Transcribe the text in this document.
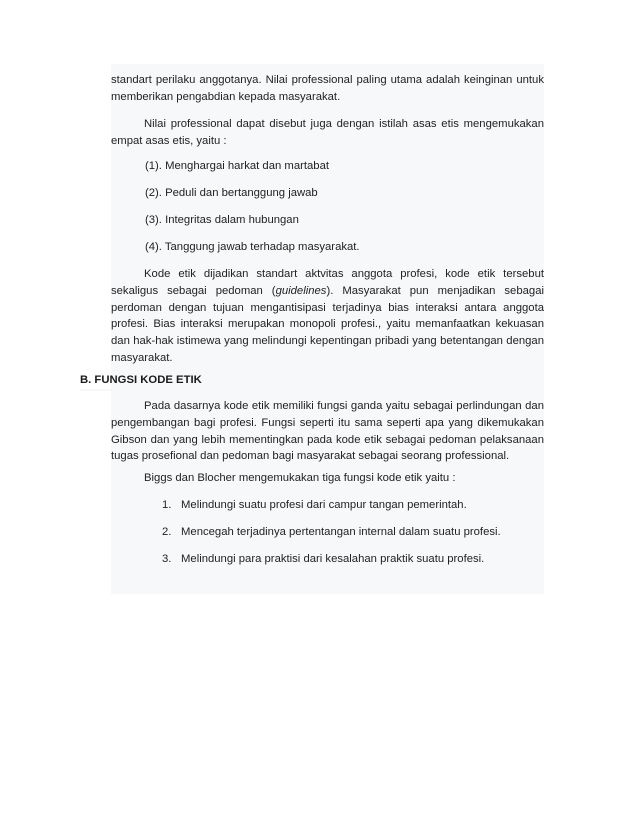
standart perilaku anggotanya. Nilai professional paling utama adalah keinginan untuk memberikan pengabdian kepada masyarakat.

Nilai professional dapat disebut juga dengan istilah asas etis mengemukakan empat asas etis, yaitu :

(1). Menghargai harkat dan martabat

(2). Peduli dan bertanggung jawab

(3). Integritas dalam hubungan

(4). Tanggung jawab terhadap masyarakat.

Kode etik dijadikan standart aktvitas anggota profesi, kode etik tersebut sekaligus sebagai pedoman (guidelines). Masyarakat pun menjadikan sebagai perdoman dengan tujuan mengantisipasi terjadinya bias interaksi antara anggota profesi. Bias interaksi merupakan monopoli profesi., yaitu memanfaatkan kekuasan dan hak-hak istimewa yang melindungi kepentingan pribadi yang betentangan dengan masyarakat.

B. FUNGSI KODE ETIK

Pada dasarnya kode etik memiliki fungsi ganda yaitu sebagai perlindungan dan pengembangan bagi profesi. Fungsi seperti itu sama seperti apa yang dikemukakan Gibson dan yang lebih mementingkan pada kode etik sebagai pedoman pelaksanaan tugas prosefional dan pedoman bagi masyarakat sebagai seorang professional.

Biggs dan Blocher mengemukakan tiga fungsi kode etik yaitu :

1. Melindungi suatu profesi dari campur tangan pemerintah.

2. Mencegah terjadinya pertentangan internal dalam suatu profesi.

3. Melindungi para praktisi dari kesalahan praktik suatu profesi.
